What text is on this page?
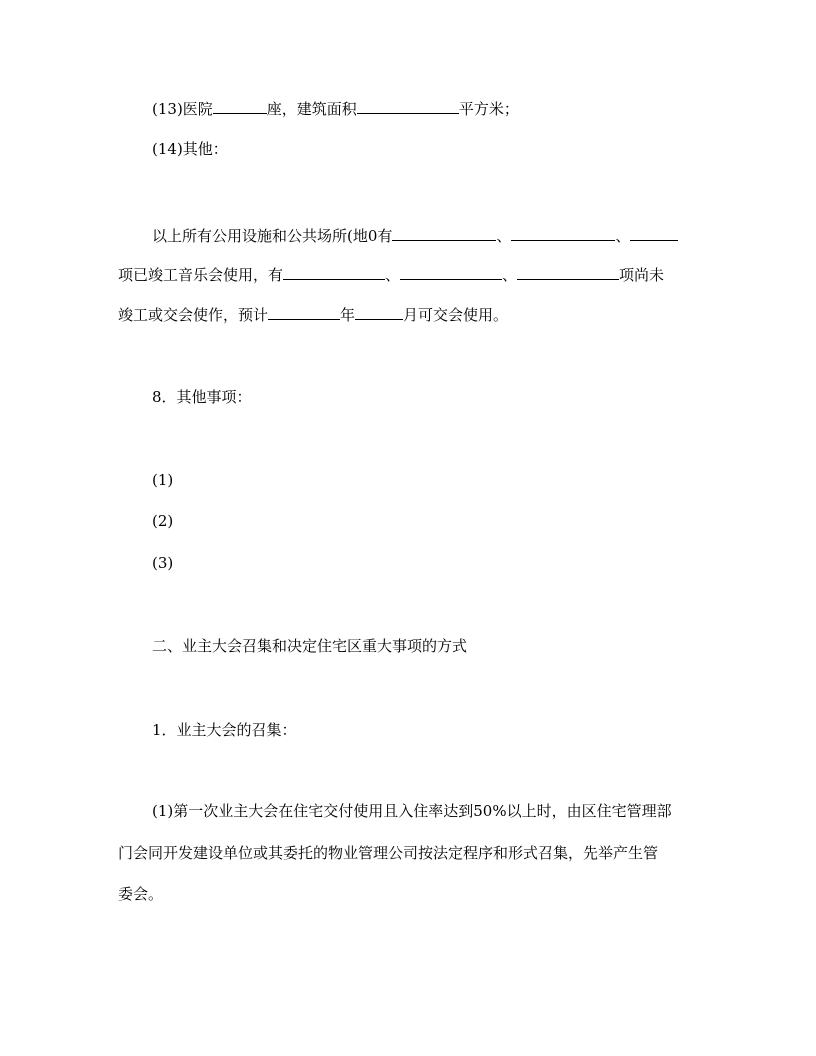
(13)医院	座，建筑面积	平方米；
(14)其他：
以上所有公用设施和公共场所(地0有	、	、
项已竣工音乐会使用，有	、	、	项尚未
竣工或交会使作，预计	年	月可交会使用。
8．其他事项：
(1)
(2)
(3)
二、业主大会召集和决定住宅区重大事项的方式
1．业主大会的召集：
(1)第一次业主大会在住宅交付使用且入住率达到50%以上时，由区住宅管理部
门会同开发建设单位或其委托的物业管理公司按法定程序和形式召集，先举产生管
委会。
